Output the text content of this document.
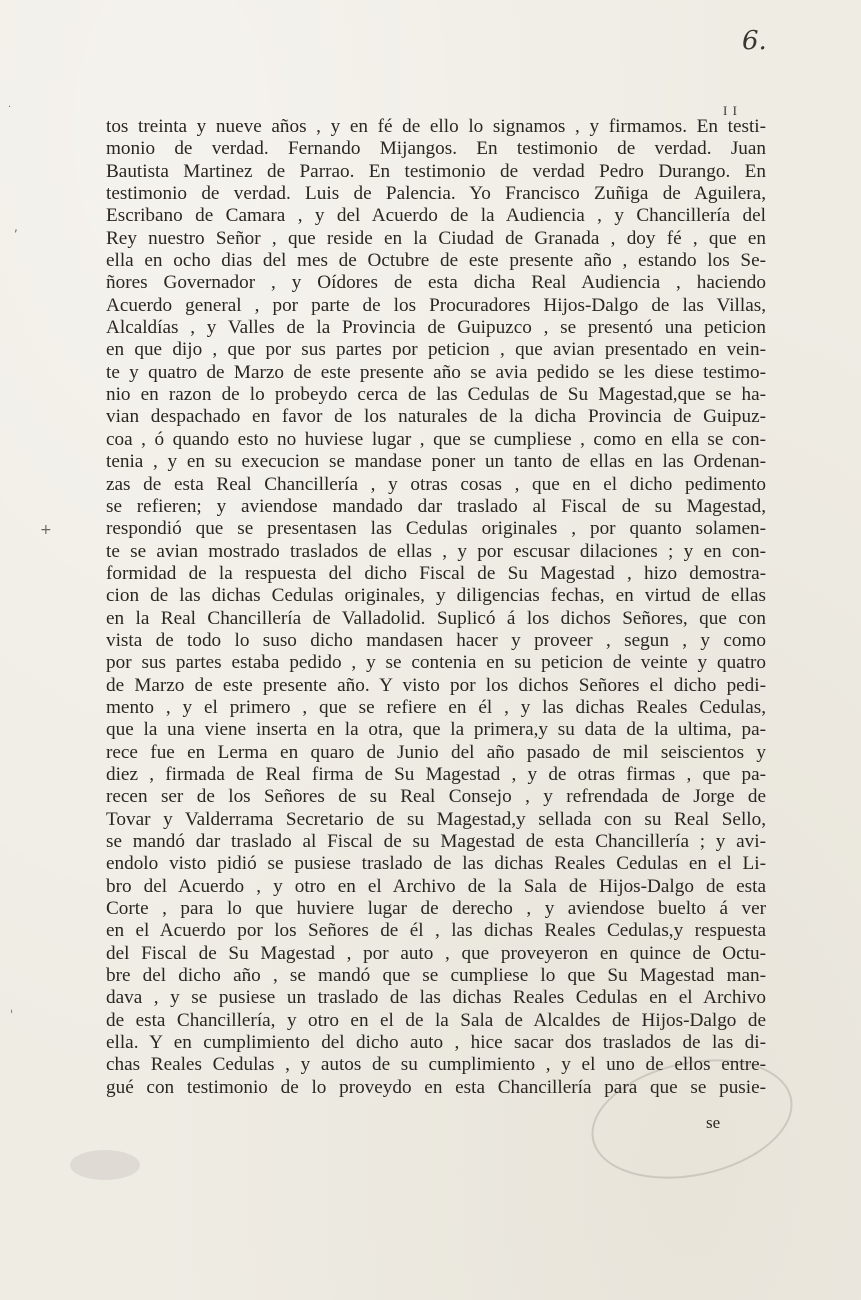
6.
I I
‧
,
+
ˌ
tos treinta y nueve años , y en fé de ello lo signamos , y firmamos. En testi-
monio de verdad. Fernando Mijangos. En testimonio de verdad. Juan
Bautista Martinez de Parrao. En testimonio de verdad Pedro Durango. En
testimonio de verdad. Luis de Palencia. Yo Francisco Zuñiga de Aguilera,
Escribano de Camara , y del Acuerdo de la Audiencia , y Chancillería del
Rey nuestro Señor , que reside en la Ciudad de Granada , doy fé , que en
ella en ocho dias del mes de Octubre de este presente año , estando los Se-
ñores Governador , y Oídores de esta dicha Real Audiencia , haciendo
Acuerdo general , por parte de los Procuradores Hijos-Dalgo de las Villas,
Alcaldías , y Valles de la Provincia de Guipuzco , se presentó una peticion
en que dijo , que por sus partes por peticion , que avian presentado en vein-
te y quatro de Marzo de este presente año se avia pedido se les diese testimo-
nio en razon de lo probeydo cerca de las Cedulas de Su Magestad,que se ha-
vian despachado en favor de los naturales de la dicha Provincia de Guipuz-
coa , ó quando esto no huviese lugar , que se cumpliese , como en ella se con-
tenia , y en su execucion se mandase poner un tanto de ellas en las Ordenan-
zas de esta Real Chancillería , y otras cosas , que en el dicho pedimento
se refieren; y aviendose mandado dar traslado al Fiscal de su Magestad,
respondió que se presentasen las Cedulas originales , por quanto solamen-
te se avian mostrado traslados de ellas , y por escusar dilaciones ; y en con-
formidad de la respuesta del dicho Fiscal de Su Magestad , hizo demostra-
cion de las dichas Cedulas originales, y diligencias fechas, en virtud de ellas
en la Real Chancillería de Valladolid. Suplicó á los dichos Señores, que con
vista de todo lo suso dicho mandasen hacer y proveer , segun , y como
por sus partes estaba pedido , y se contenia en su peticion de veinte y quatro
de Marzo de este presente año. Y visto por los dichos Señores el dicho pedi-
mento , y el primero , que se refiere en él , y las dichas Reales Cedulas,
que la una viene inserta en la otra, que la primera,y su data de la ultima, pa-
rece fue en Lerma en quaro de Junio del año pasado de mil seiscientos y
diez , firmada de Real firma de Su Magestad , y de otras firmas , que pa-
recen ser de los Señores de su Real Consejo , y refrendada de Jorge de
Tovar y Valderrama Secretario de su Magestad,y sellada con su Real Sello,
se mandó dar traslado al Fiscal de su Magestad de esta Chancillería ; y avi-
endolo visto pidió se pusiese traslado de las dichas Reales Cedulas en el Li-
bro del Acuerdo , y otro en el Archivo de la Sala de Hijos-Dalgo de esta
Corte , para lo que huviere lugar de derecho , y aviendose buelto á ver
en el Acuerdo por los Señores de él , las dichas Reales Cedulas,y respuesta
del Fiscal de Su Magestad , por auto , que proveyeron en quince de Octu-
bre del dicho año , se mandó que se cumpliese lo que Su Magestad man-
dava , y se pusiese un traslado de las dichas Reales Cedulas en el Archivo
de esta Chancillería, y otro en el de la Sala de Alcaldes de Hijos-Dalgo de
ella. Y en cumplimiento del dicho auto , hice sacar dos traslados de las di-
chas Reales Cedulas , y autos de su cumplimiento , y el uno de ellos entre-
gué con testimonio de lo proveydo en esta Chancillería para que se pusie-
se
